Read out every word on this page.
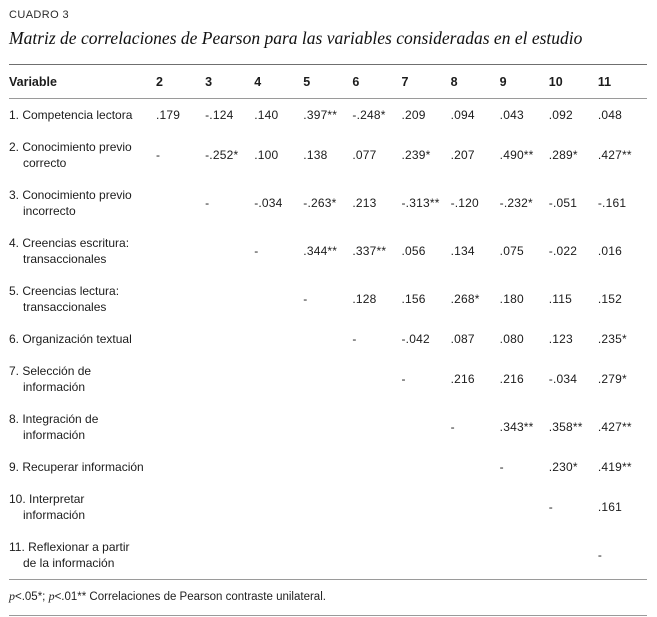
CUADRO 3
Matriz de correlaciones de Pearson para las variables consideradas en el estudio
Variable	2	3	4	5	6	7	8	9	10	11

1. Competencia lectora	.179	-.124	.140	.397**	-.248*	.209	.094	.043	.092	.048

2. Conocimiento previo
correcto	-	-.252*	.100	.138	.077	.239*	.207	.490**	.289*	.427**

3. Conocimiento previo
incorrecto		-	-.034	-.263*	.213	-.313**	-.120	-.232*	-.051	-.161

4. Creencias escritura:
transaccionales			-	.344**	.337**	.056	.134	.075	-.022	.016

5. Creencias lectura:
transaccionales				-	.128	.156	.268*	.180	.115	.152

6. Organización textual					-	-.042	.087	.080	.123	.235*

7. Selección de
información						-	.216	.216	-.034	.279*

8. Integración de
información							-	.343**	.358**	.427**

9. Recuperar información								-	.230*	.419**

10. Interpretar
información									-	.161

11. Reflexionar a partir
de la información										-
p<.05*; p<.01** Correlaciones de Pearson contraste unilateral.
